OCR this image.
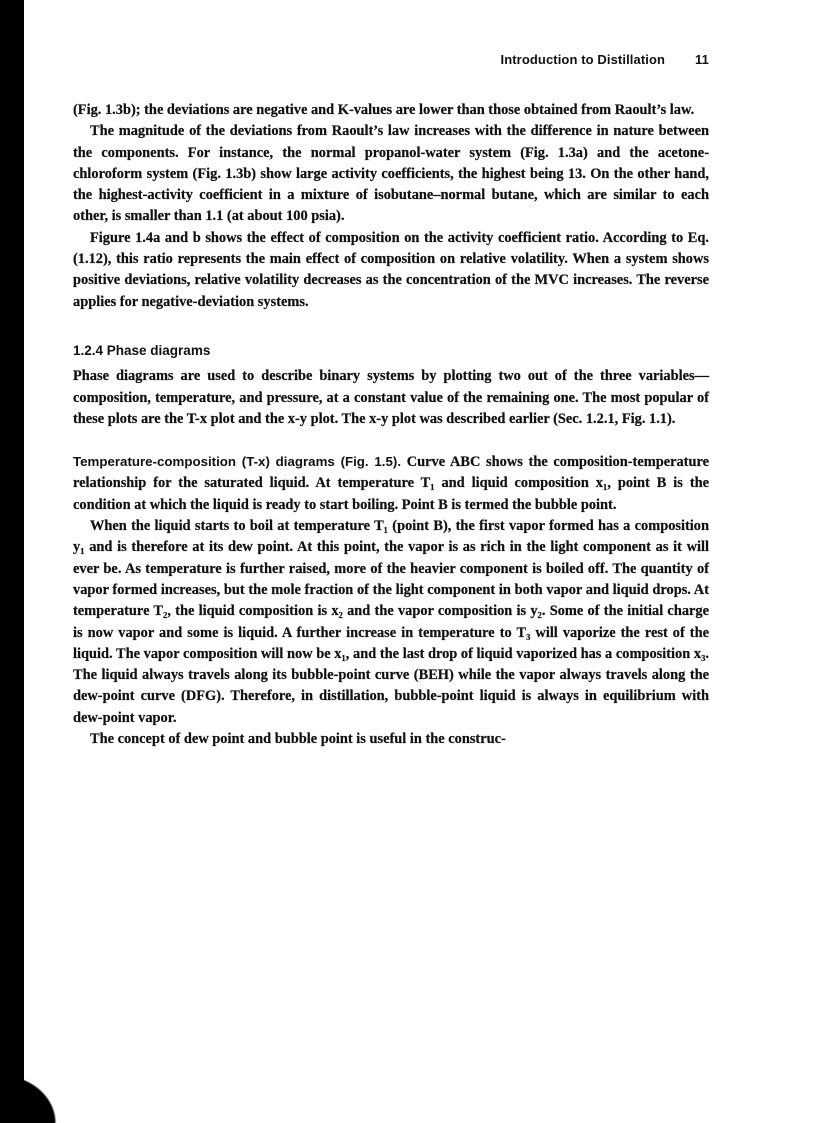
Introduction to Distillation 11

(Fig. 1.3b); the deviations are negative and K-values are lower than those obtained from Raoult’s law.

The magnitude of the deviations from Raoult’s law increases with the difference in nature between the components. For instance, the normal propanol-water system (Fig. 1.3a) and the acetone-chloroform system (Fig. 1.3b) show large activity coefficients, the highest being 13. On the other hand, the highest-activity coefficient in a mixture of isobutane–normal butane, which are similar to each other, is smaller than 1.1 (at about 100 psia).

Figure 1.4a and b shows the effect of composition on the activity coefficient ratio. According to Eq. (1.12), this ratio represents the main effect of composition on relative volatility. When a system shows positive deviations, relative volatility decreases as the concentration of the MVC increases. The reverse applies for negative-deviation systems.

1.2.4 Phase diagrams

Phase diagrams are used to describe binary systems by plotting two out of the three variables—composition, temperature, and pressure, at a constant value of the remaining one. The most popular of these plots are the T-x plot and the x-y plot. The x-y plot was described earlier (Sec. 1.2.1, Fig. 1.1).

Temperature-composition (T-x) diagrams (Fig. 1.5). Curve ABC shows the composition-temperature relationship for the saturated liquid. At temperature T₁ and liquid composition x₁, point B is the condition at which the liquid is ready to start boiling. Point B is termed the bubble point.

When the liquid starts to boil at temperature T₁ (point B), the first vapor formed has a composition y₁ and is therefore at its dew point. At this point, the vapor is as rich in the light component as it will ever be. As temperature is further raised, more of the heavier component is boiled off. The quantity of vapor formed increases, but the mole fraction of the light component in both vapor and liquid drops. At temperature T₂, the liquid composition is x₂ and the vapor composition is y₂. Some of the initial charge is now vapor and some is liquid. A further increase in temperature to T₃ will vaporize the rest of the liquid. The vapor composition will now be x₁, and the last drop of liquid vaporized has a composition x₃. The liquid always travels along its bubble-point curve (BEH) while the vapor always travels along the dew-point curve (DFG). Therefore, in distillation, bubble-point liquid is always in equilibrium with dew-point vapor.

The concept of dew point and bubble point is useful in the construc-
